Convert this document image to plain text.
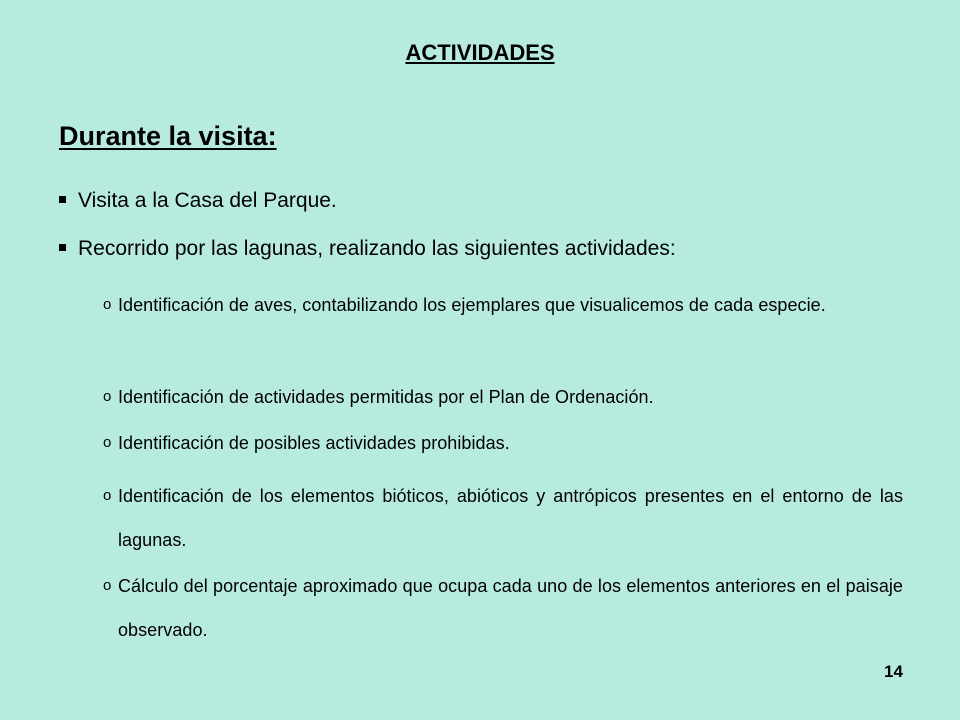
ACTIVIDADES
Durante la visita:
Visita a la Casa del Parque.
Recorrido por las lagunas, realizando las siguientes actividades:
o Identificación de aves, contabilizando los ejemplares que visualicemos de cada especie.
o Identificación de actividades permitidas por el Plan de Ordenación.
o Identificación de posibles actividades prohibidas.
o Identificación de los elementos bióticos, abióticos y antrópicos presentes en el entorno de las lagunas.
o Cálculo del porcentaje aproximado que ocupa cada uno de los elementos anteriores en el paisaje observado.
14
